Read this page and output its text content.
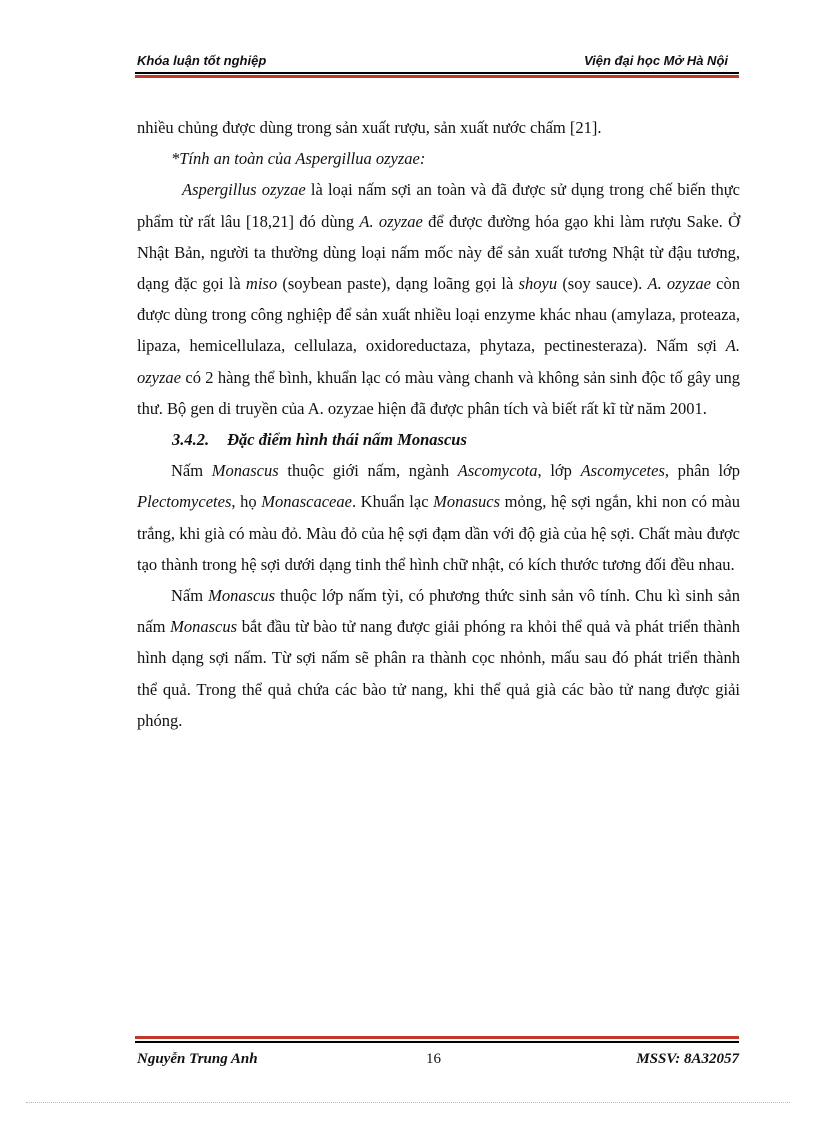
Khóa luận tốt nghiệp	Viện đại học Mở Hà Nội

nhiều chủng được dùng trong sản xuất rượu, sản xuất nước chấm [21].

*Tính an toàn của Aspergillua ozyzae:

Aspergillus ozyzae là loại nấm sợi an toàn và đã được sử dụng trong chế biến thực phẩm từ rất lâu [18,21] đó dùng A. ozyzae để được đường hóa gạo khi làm rượu Sake. Ở Nhật Bản, người ta thường dùng loại nấm mốc này để sản xuất tương Nhật từ đậu tương, dạng đặc gọi là miso (soybean paste), dạng loãng gọi là shoyu (soy sauce). A. ozyzae còn được dùng trong công nghiệp để sản xuất nhiều loại enzyme khác nhau (amylaza, proteaza, lipaza, hemicellulaza, cellulaza, oxidoreductaza, phytaza, pectinesteraza). Nấm sợi A. ozyzae có 2 hàng thể bình, khuẩn lạc có màu vàng chanh và không sản sinh độc tố gây ung thư. Bộ gen di truyền của A. ozyzae hiện đã được phân tích và biết rất kĩ từ năm 2001.

3.4.2. Đặc điểm hình thái nấm Monascus

Nấm Monascus thuộc giới nấm, ngành Ascomycota, lớp Ascomycetes, phân lớp Plectomycetes, họ Monascaceae. Khuẩn lạc Monasucs mỏng, hệ sợi ngắn, khi non có màu trắng, khi già có màu đỏ. Màu đỏ của hệ sợi đạm dần với độ già của hệ sợi. Chất màu được tạo thành trong hệ sợi dưới dạng tinh thể hình chữ nhật, có kích thước tương đối đều nhau.

Nấm Monascus thuộc lớp nấm tỳi, có phương thức sinh sản vô tính. Chu kì sinh sản nấm Monascus bắt đầu từ bào tử nang được giải phóng ra khỏi thể quả và phát triển thành hình dạng sợi nấm. Từ sợi nấm sẽ phân ra thành cọc nhỏnh, mấu sau đó phát triển thành thể quả. Trong thể quả chứa các bào tử nang, khi thể quả già các bào tử nang được giải phóng.

Nguyễn Trung Anh	16	MSSV: 8A32057
